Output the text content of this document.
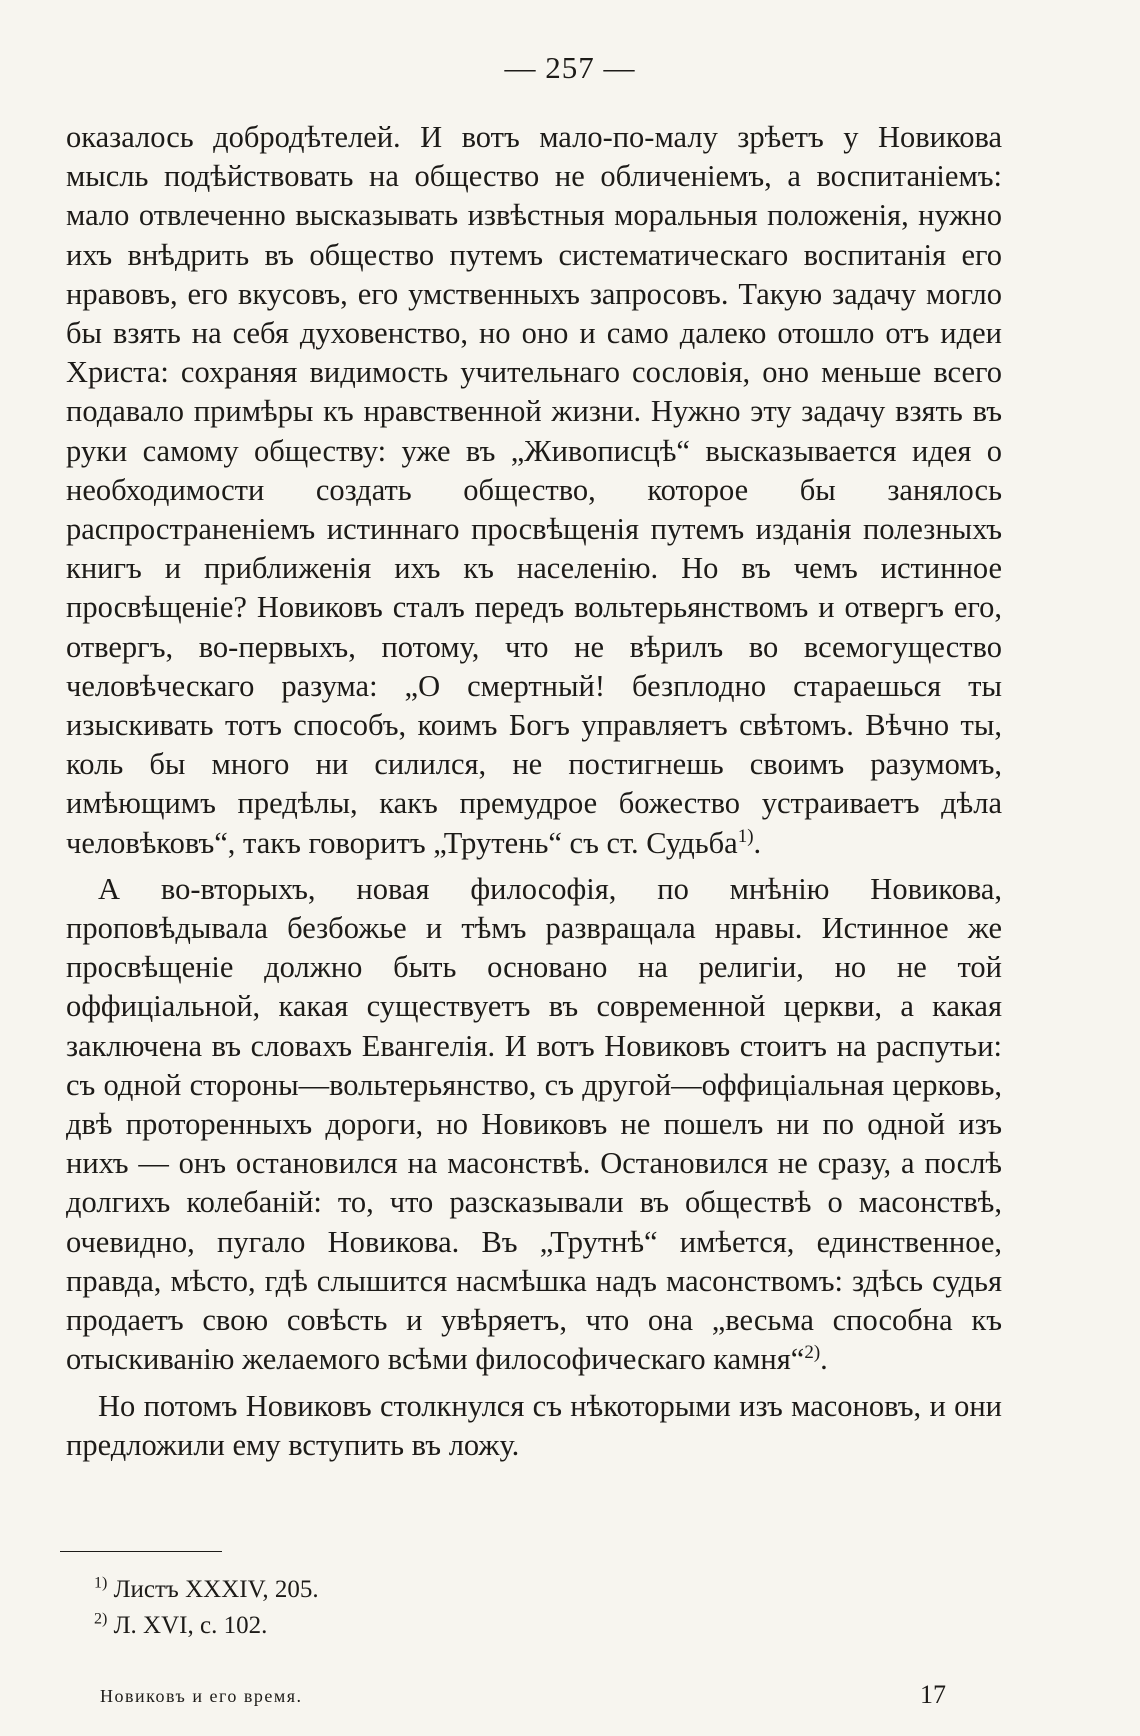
— 257 —

оказалось добродѣтелей. И вотъ мало-по-малу зрѣетъ у Новикова мысль подѣйствовать на общество не обличеніемъ, а воспитаніемъ: мало отвлеченно высказывать извѣстныя моральныя положенія, нужно ихъ внѣдрить въ общество путемъ систематическаго воспитанія его нравовъ, его вкусовъ, его умственныхъ запросовъ. Такую задачу могло бы взять на себя духовенство, но оно и само далеко отошло отъ идеи Христа: сохраняя видимость учительнаго сословія, оно меньше всего подавало примѣры къ нравственной жизни. Нужно эту задачу взять въ руки самому обществу: уже въ „Живописцѣ“ высказывается идея о необходимости создать общество, которое бы занялось распространеніемъ истиннаго просвѣщенія путемъ изданія полезныхъ книгъ и приближенія ихъ къ населенію. Но въ чемъ истинное просвѣщеніе? Новиковъ сталъ передъ вольтерьянствомъ и отвергъ его, отвергъ, во-первыхъ, потому, что не вѣрилъ во всемогущество человѣческаго разума: „О смертный! безплодно стараешься ты изыскивать тотъ способъ, коимъ Богъ управляетъ свѣтомъ. Вѣчно ты, коль бы много ни силился, не постигнешь своимъ разумомъ, имѣющимъ предѣлы, какъ премудрое божество устраиваетъ дѣла человѣковъ“, такъ говоритъ „Трутень“ съ ст. Судьба$^{1)}$.

А во-вторыхъ, новая философія, по мнѣнію Новикова, проповѣдывала безбожье и тѣмъ развращала нравы. Истинное же просвѣщеніе должно быть основано на религіи, но не той оффиціальной, какая существуетъ въ современной церкви, а какая заключена въ словахъ Евангелія. И вотъ Новиковъ стоитъ на распутьи: съ одной стороны—вольтерьянство, съ другой—оффиціальная церковь, двѣ протоpенныхъ дороги, но Новиковъ не пошелъ ни по одной изъ нихъ — онъ остановился на масонствѣ. Остановился не сразу, а послѣ долгихъ колебаній: то, что разсказывали въ обществѣ о масонствѣ, очевидно, пугало Новикова. Въ „Трутнѣ“ имѣется, единственное, правда, мѣсто, гдѣ слышится насмѣшка надъ масонствомъ: здѣсь судья продаетъ свою совѣсть и увѣряетъ, что она „весьма способна къ отыскиванію желаемого всѣми философическаго камня“$^{2)}$.

Но потомъ Новиковъ столкнулся съ нѣкоторыми изъ масоновъ, и они предложили ему вступить въ ложу.

$^{1)}$ Листъ XXXIV, 205.
$^{2)}$ Л. XVI, с. 102.
Новиковъ и его время.	17
